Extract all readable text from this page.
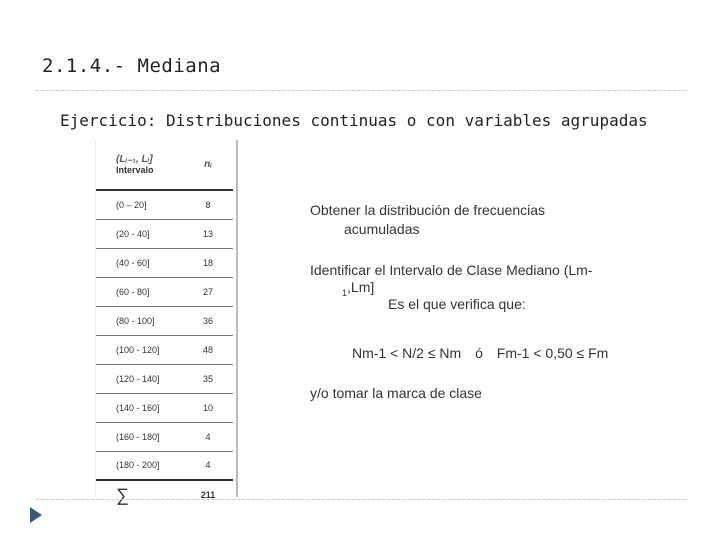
2.1.4.- Mediana
Ejercicio: Distribuciones continuas o con variables agrupadas
(Lᵢ₋₁, Lᵢ]
Intervalo	nᵢ

(0 – 20]	8
(20 - 40]	13
(40 - 60]	18
(60 - 80]	27
(80 - 100]	36
(100 - 120]	48
(120 - 140]	35
(140 - 160]	10
(160 - 180]	4
(180 - 200]	4
∑	211
Obtener la distribución de frecuencias
acumuladas
Identificar el Intervalo de Clase Mediano (Lm-
$_1$,Lm]
Es el que verifica que:
Nm-1 < N/2 ≤ Nm ó Fm-1 < 0,50 ≤ Fm
y/o tomar la marca de clase
